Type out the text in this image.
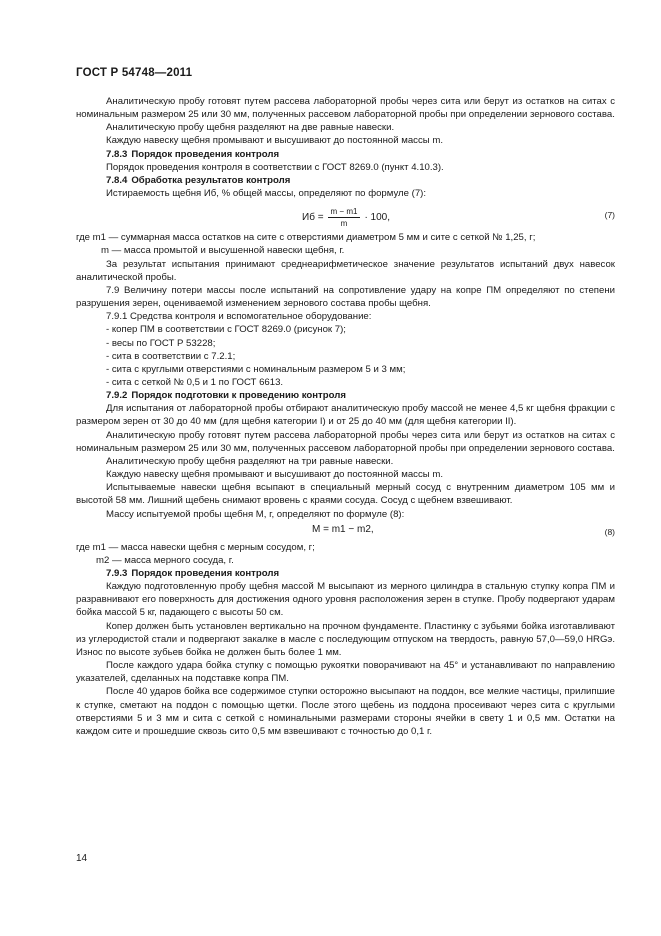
ГОСТ Р 54748—2011

Аналитическую пробу готовят путем рассева лабораторной пробы через сита или берут из остатков на ситах с номинальным размером 25 или 30 мм, полученных рассевом лабораторной пробы при определении зернового состава.

Аналитическую пробу щебня разделяют на две равные навески.

Каждую навеску щебня промывают и высушивают до постоянной массы m.

7.8.3 Порядок проведения контроля

Порядок проведения контроля в соответствии с ГОСТ 8269.0 (пункт 4.10.3).

7.8.4 Обработка результатов контроля

Истираемость щебня Иб, % общей массы, определяют по формуле (7):

Иб = $\frac{m - m1}{m} \cdot 100$,	(7)

где m1 — суммарная масса остатков на сите с отверстиями диаметром 5 мм и сите с сеткой № 1,25, г;

m — масса промытой и высушенной навески щебня, г.

За результат испытания принимают среднеарифметическое значение результатов испытаний двух навесок аналитической пробы.

7.9 Величину потери массы после испытаний на сопротивление удару на копре ПМ определяют по степени разрушения зерен, оцениваемой изменением зернового состава пробы щебня.

7.9.1 Средства контроля и вспомогательное оборудование:

- копер ПМ в соответствии с ГОСТ 8269.0 (рисунок 7);

- весы по ГОСТ Р 53228;

- сита в соответствии с 7.2.1;

- сита с круглыми отверстиями с номинальным размером 5 и 3 мм;

- сита с сеткой № 0,5 и 1 по ГОСТ 6613.

7.9.2 Порядок подготовки к проведению контроля

Для испытания от лабораторной пробы отбирают аналитическую пробу массой не менее 4,5 кг щебня фракции с размером зерен от 30 до 40 мм (для щебня категории I) и от 25 до 40 мм (для щебня категории II).

Аналитическую пробу готовят путем рассева лабораторной пробы через сита или берут из остатков на ситах с номинальным размером 25 или 30 мм, полученных рассевом лабораторной пробы при определении зернового состава.

Аналитическую пробу щебня разделяют на три равные навески.

Каждую навеску щебня промывают и высушивают до постоянной массы m.

Испытываемые навески щебня всыпают в специальный мерный сосуд с внутренним диаметром 105 мм и высотой 58 мм. Лишний щебень снимают вровень с краями сосуда. Сосуд с щебнем взвешивают.

Массу испытуемой пробы щебня M, г, определяют по формуле (8):

M = m1 − m2,	(8)

где m1 — масса навески щебня с мерным сосудом, г;

m2 — масса мерного сосуда, г.

7.9.3 Порядок проведения контроля

Каждую подготовленную пробу щебня массой M высыпают из мерного цилиндра в стальную ступку копра ПМ и разравнивают его поверхность для достижения одного уровня расположения зерен в ступке. Пробу подвергают ударам бойка массой 5 кг, падающего с высоты 50 см.

Копер должен быть установлен вертикально на прочном фундаменте. Пластинку с зубьями бойка изготавливают из углеродистой стали и подвергают закалке в масле с последующим отпуском на твердость, равную 57,0—59,0 HRGэ. Износ по высоте зубьев бойка не должен быть более 1 мм.

После каждого удара бойка ступку с помощью рукоятки поворачивают на 45° и устанавливают по направлению указателей, сделанных на подставке копра ПМ.

После 40 ударов бойка все содержимое ступки осторожно высыпают на поддон, все мелкие частицы, прилипшие к ступке, сметают на поддон с помощью щетки. После этого щебень из поддона просеивают через сита с круглыми отверстиями 5 и 3 мм и сита с сеткой с номинальными размерами стороны ячейки в свету 1 и 0,5 мм. Остатки на каждом сите и прошедшие сквозь сито 0,5 мм взвешивают с точностью до 0,1 г.

14
